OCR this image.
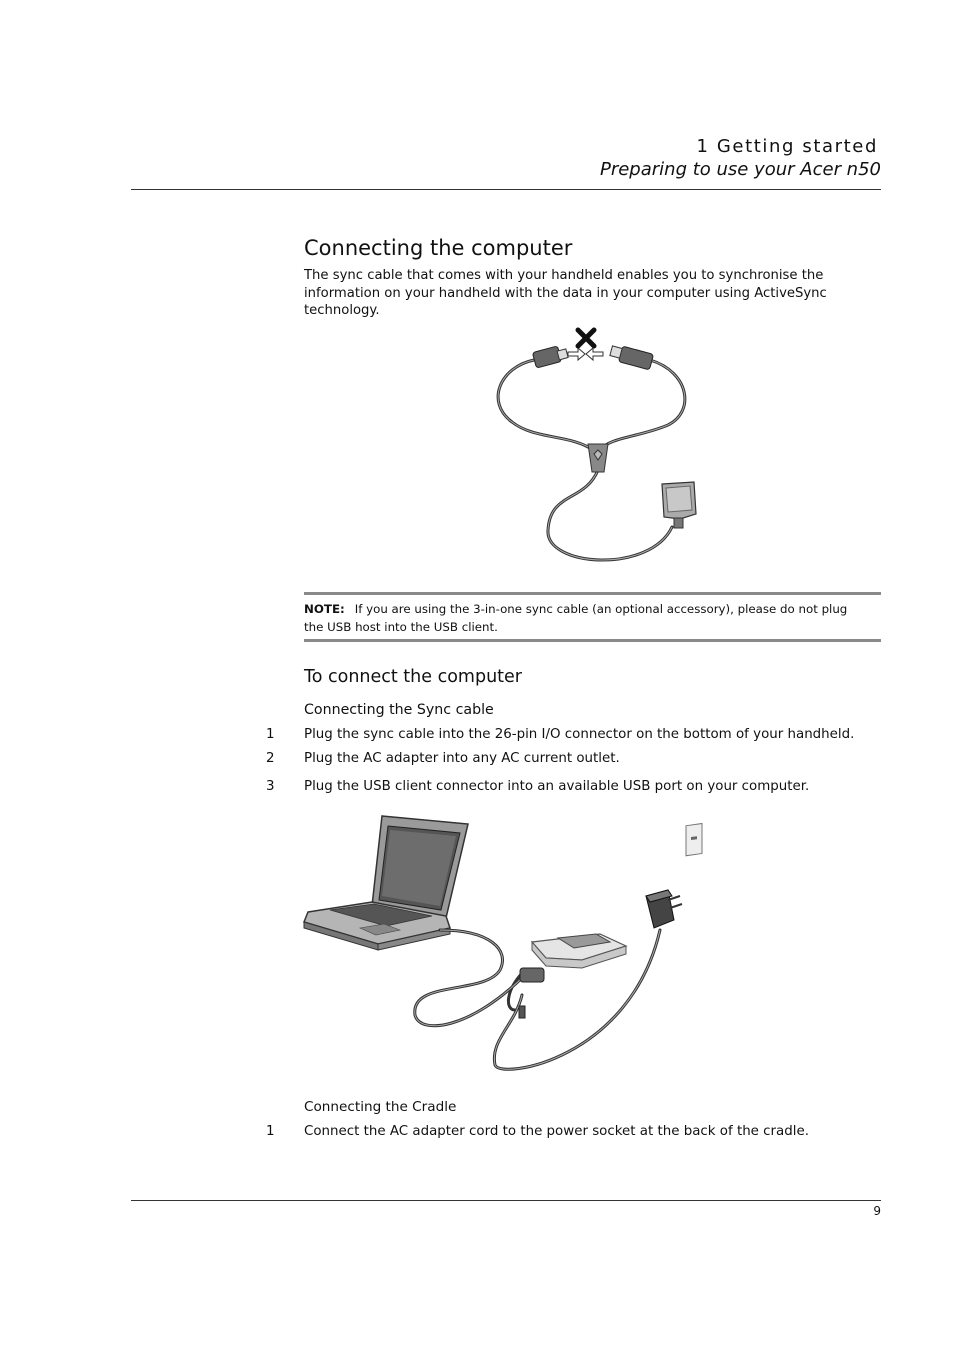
1 Getting started
Preparing to use your Acer n50
Connecting the computer
The sync cable that comes with your handheld enables you to synchronise the information on your handheld with the data in your computer using ActiveSync technology.
NOTE: If you are using the 3-in-one sync cable (an optional accessory), please do not plug the USB host into the USB client.
To connect the computer
Connecting the Sync cable
1 Plug the sync cable into the 26-pin I/O connector on the bottom of your handheld.
2 Plug the AC adapter into any AC current outlet.
3 Plug the USB client connector into an available USB port on your computer.
Connecting the Cradle
1 Connect the AC adapter cord to the power socket at the back of the cradle.
9
